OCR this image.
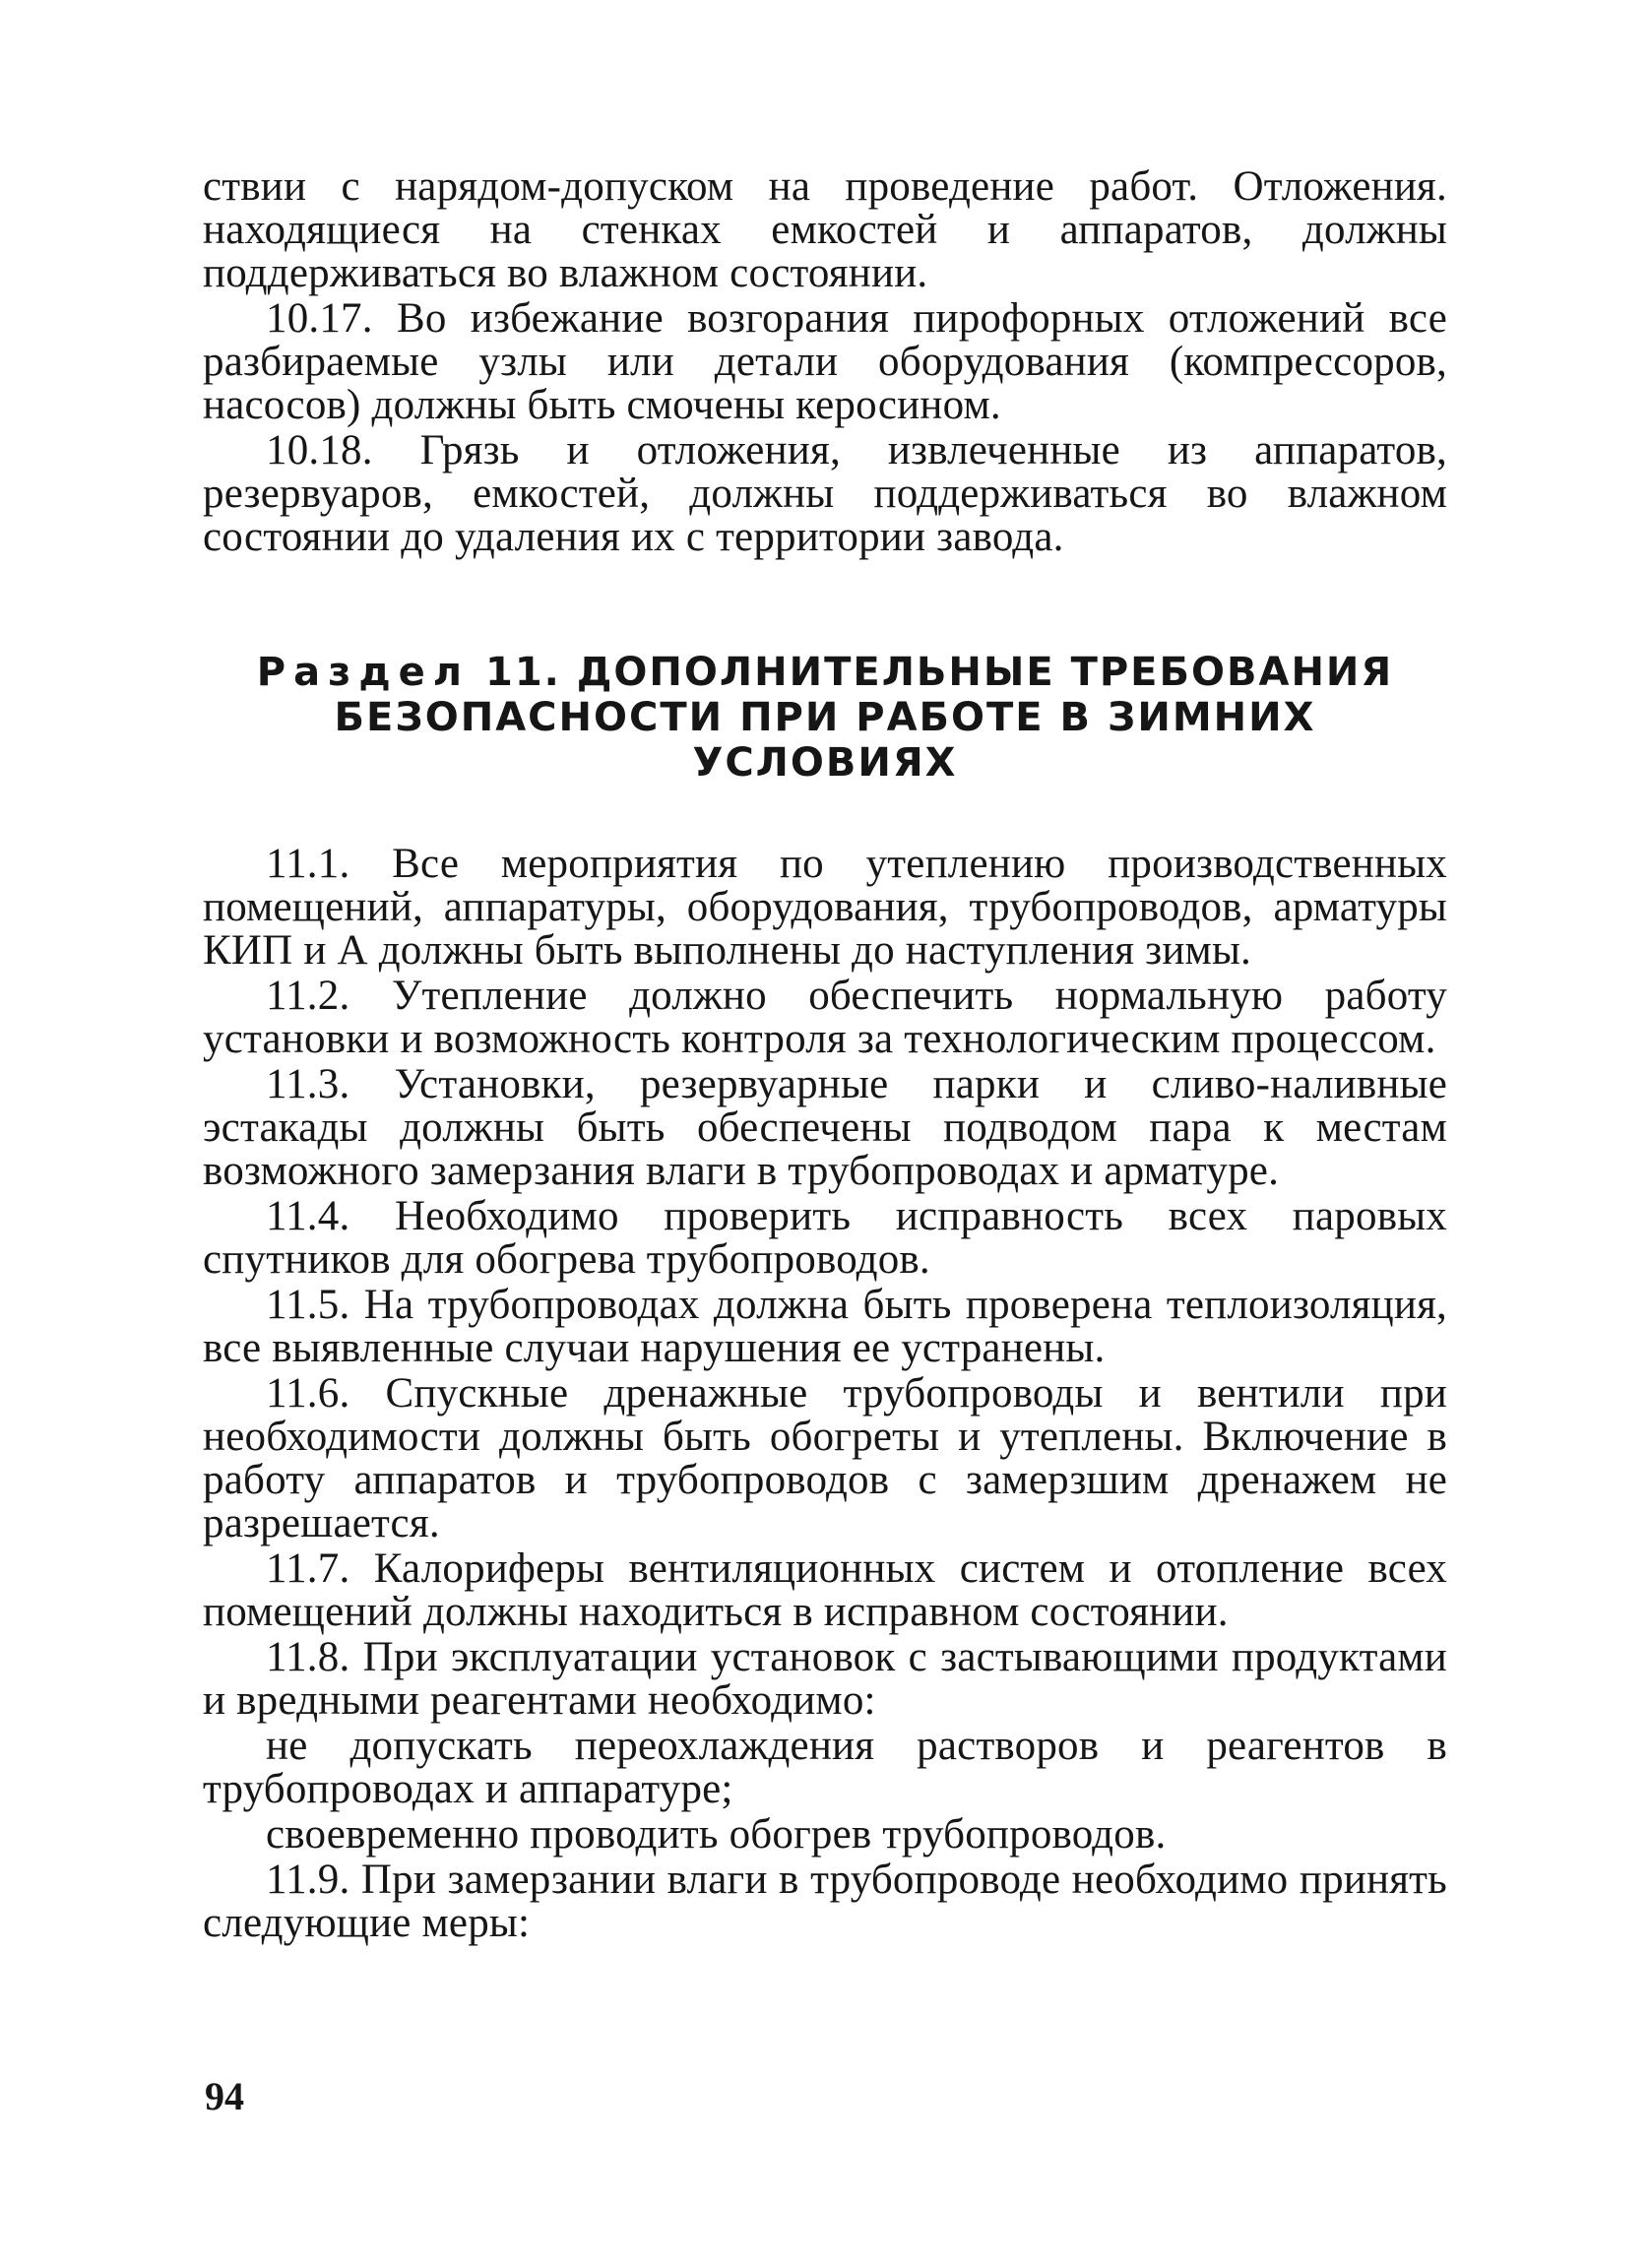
ствии с нарядом-допуском на проведение работ. Отложения. находящиеся на стенках емкостей и аппаратов, должны поддерживаться во влажном состоянии.

10.17. Во избежание возгорания пирофорных отложений все разбираемые узлы или детали оборудования (компрессоров, насосов) должны быть смочены керосином.

10.18. Грязь и отложения, извлеченные из аппаратов, резервуаров, емкостей, должны поддерживаться во влажном состоянии до удаления их с территории завода.

Раздел 11. ДОПОЛНИТЕЛЬНЫЕ ТРЕБОВАНИЯ
БЕЗОПАСНОСТИ ПРИ РАБОТЕ В ЗИМНИХ
УСЛОВИЯХ

11.1. Все мероприятия по утеплению производственных помещений, аппаратуры, оборудования, трубопроводов, арматуры КИП и А должны быть выполнены до наступления зимы.

11.2. Утепление должно обеспечить нормальную работу установки и возможность контроля за технологическим процессом.

11.3. Установки, резервуарные парки и сливо-наливные эстакады должны быть обеспечены подводом пара к местам возможного замерзания влаги в трубопроводах и арматуре.

11.4. Необходимо проверить исправность всех паровых спутников для обогрева трубопроводов.

11.5. На трубопроводах должна быть проверена теплоизоляция, все выявленные случаи нарушения ее устранены.

11.6. Спускные дренажные трубопроводы и вентили при необходимости должны быть обогреты и утеплены. Включение в работу аппаратов и трубопроводов с замерзшим дренажем не разрешается.

11.7. Калориферы вентиляционных систем и отопление всех помещений должны находиться в исправном состоянии.

11.8. При эксплуатации установок с застывающими продуктами и вредными реагентами необходимо:

не допускать переохлаждения растворов и реагентов в трубопроводах и аппаратуре;

своевременно проводить обогрев трубопроводов.

11.9. При замерзании влаги в трубопроводе необходимо принять следующие меры:

94
